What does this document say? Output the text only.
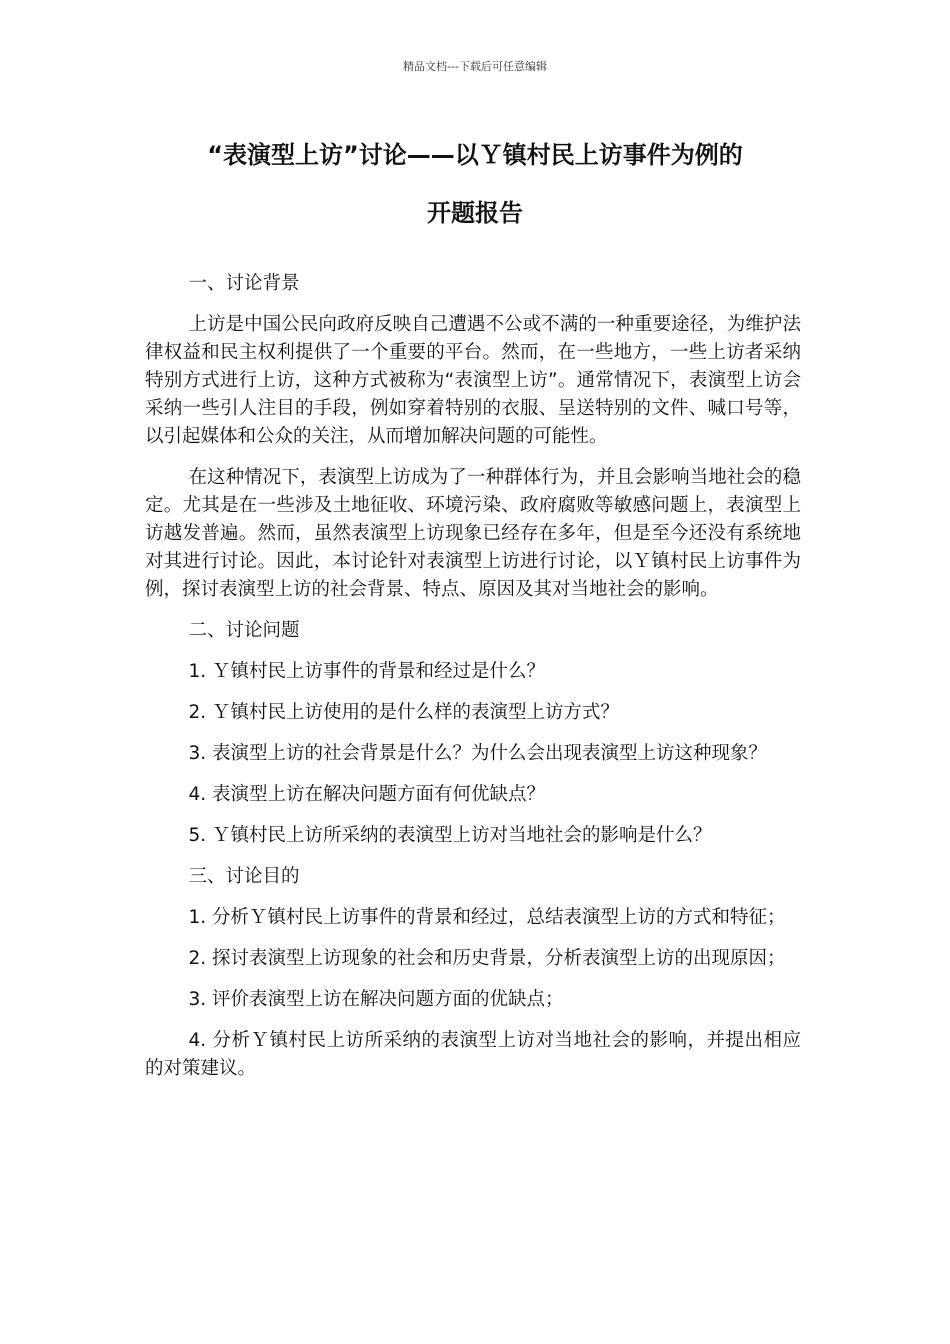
精品文档---下载后可任意编辑
“表演型上访”讨论——以Ｙ镇村民上访事件为例的
开题报告

一、讨论背景

上访是中国公民向政府反映自己遭遇不公或不满的一种重要途径，为维护法律权益和民主权利提供了一个重要的平台。然而，在一些地方，一些上访者采纳特别方式进行上访，这种方式被称为“表演型上访”。通常情况下，表演型上访会采纳一些引人注目的手段，例如穿着特别的衣服、呈送特别的文件、喊口号等，以引起媒体和公众的关注，从而增加解决问题的可能性。

在这种情况下，表演型上访成为了一种群体行为，并且会影响当地社会的稳定。尤其是在一些涉及土地征收、环境污染、政府腐败等敏感问题上，表演型上访越发普遍。然而，虽然表演型上访现象已经存在多年，但是至今还没有系统地对其进行讨论。因此，本讨论针对表演型上访进行讨论，以Ｙ镇村民上访事件为例，探讨表演型上访的社会背景、特点、原因及其对当地社会的影响。

二、讨论问题

1. Ｙ镇村民上访事件的背景和经过是什么？

2. Ｙ镇村民上访使用的是什么样的表演型上访方式？

3. 表演型上访的社会背景是什么？为什么会出现表演型上访这种现象？

4. 表演型上访在解决问题方面有何优缺点？

5. Ｙ镇村民上访所采纳的表演型上访对当地社会的影响是什么？

三、讨论目的

1. 分析Ｙ镇村民上访事件的背景和经过，总结表演型上访的方式和特征；

2. 探讨表演型上访现象的社会和历史背景，分析表演型上访的出现原因；

3. 评价表演型上访在解决问题方面的优缺点；

4. 分析Ｙ镇村民上访所采纳的表演型上访对当地社会的影响，并提出相应的对策建议。
